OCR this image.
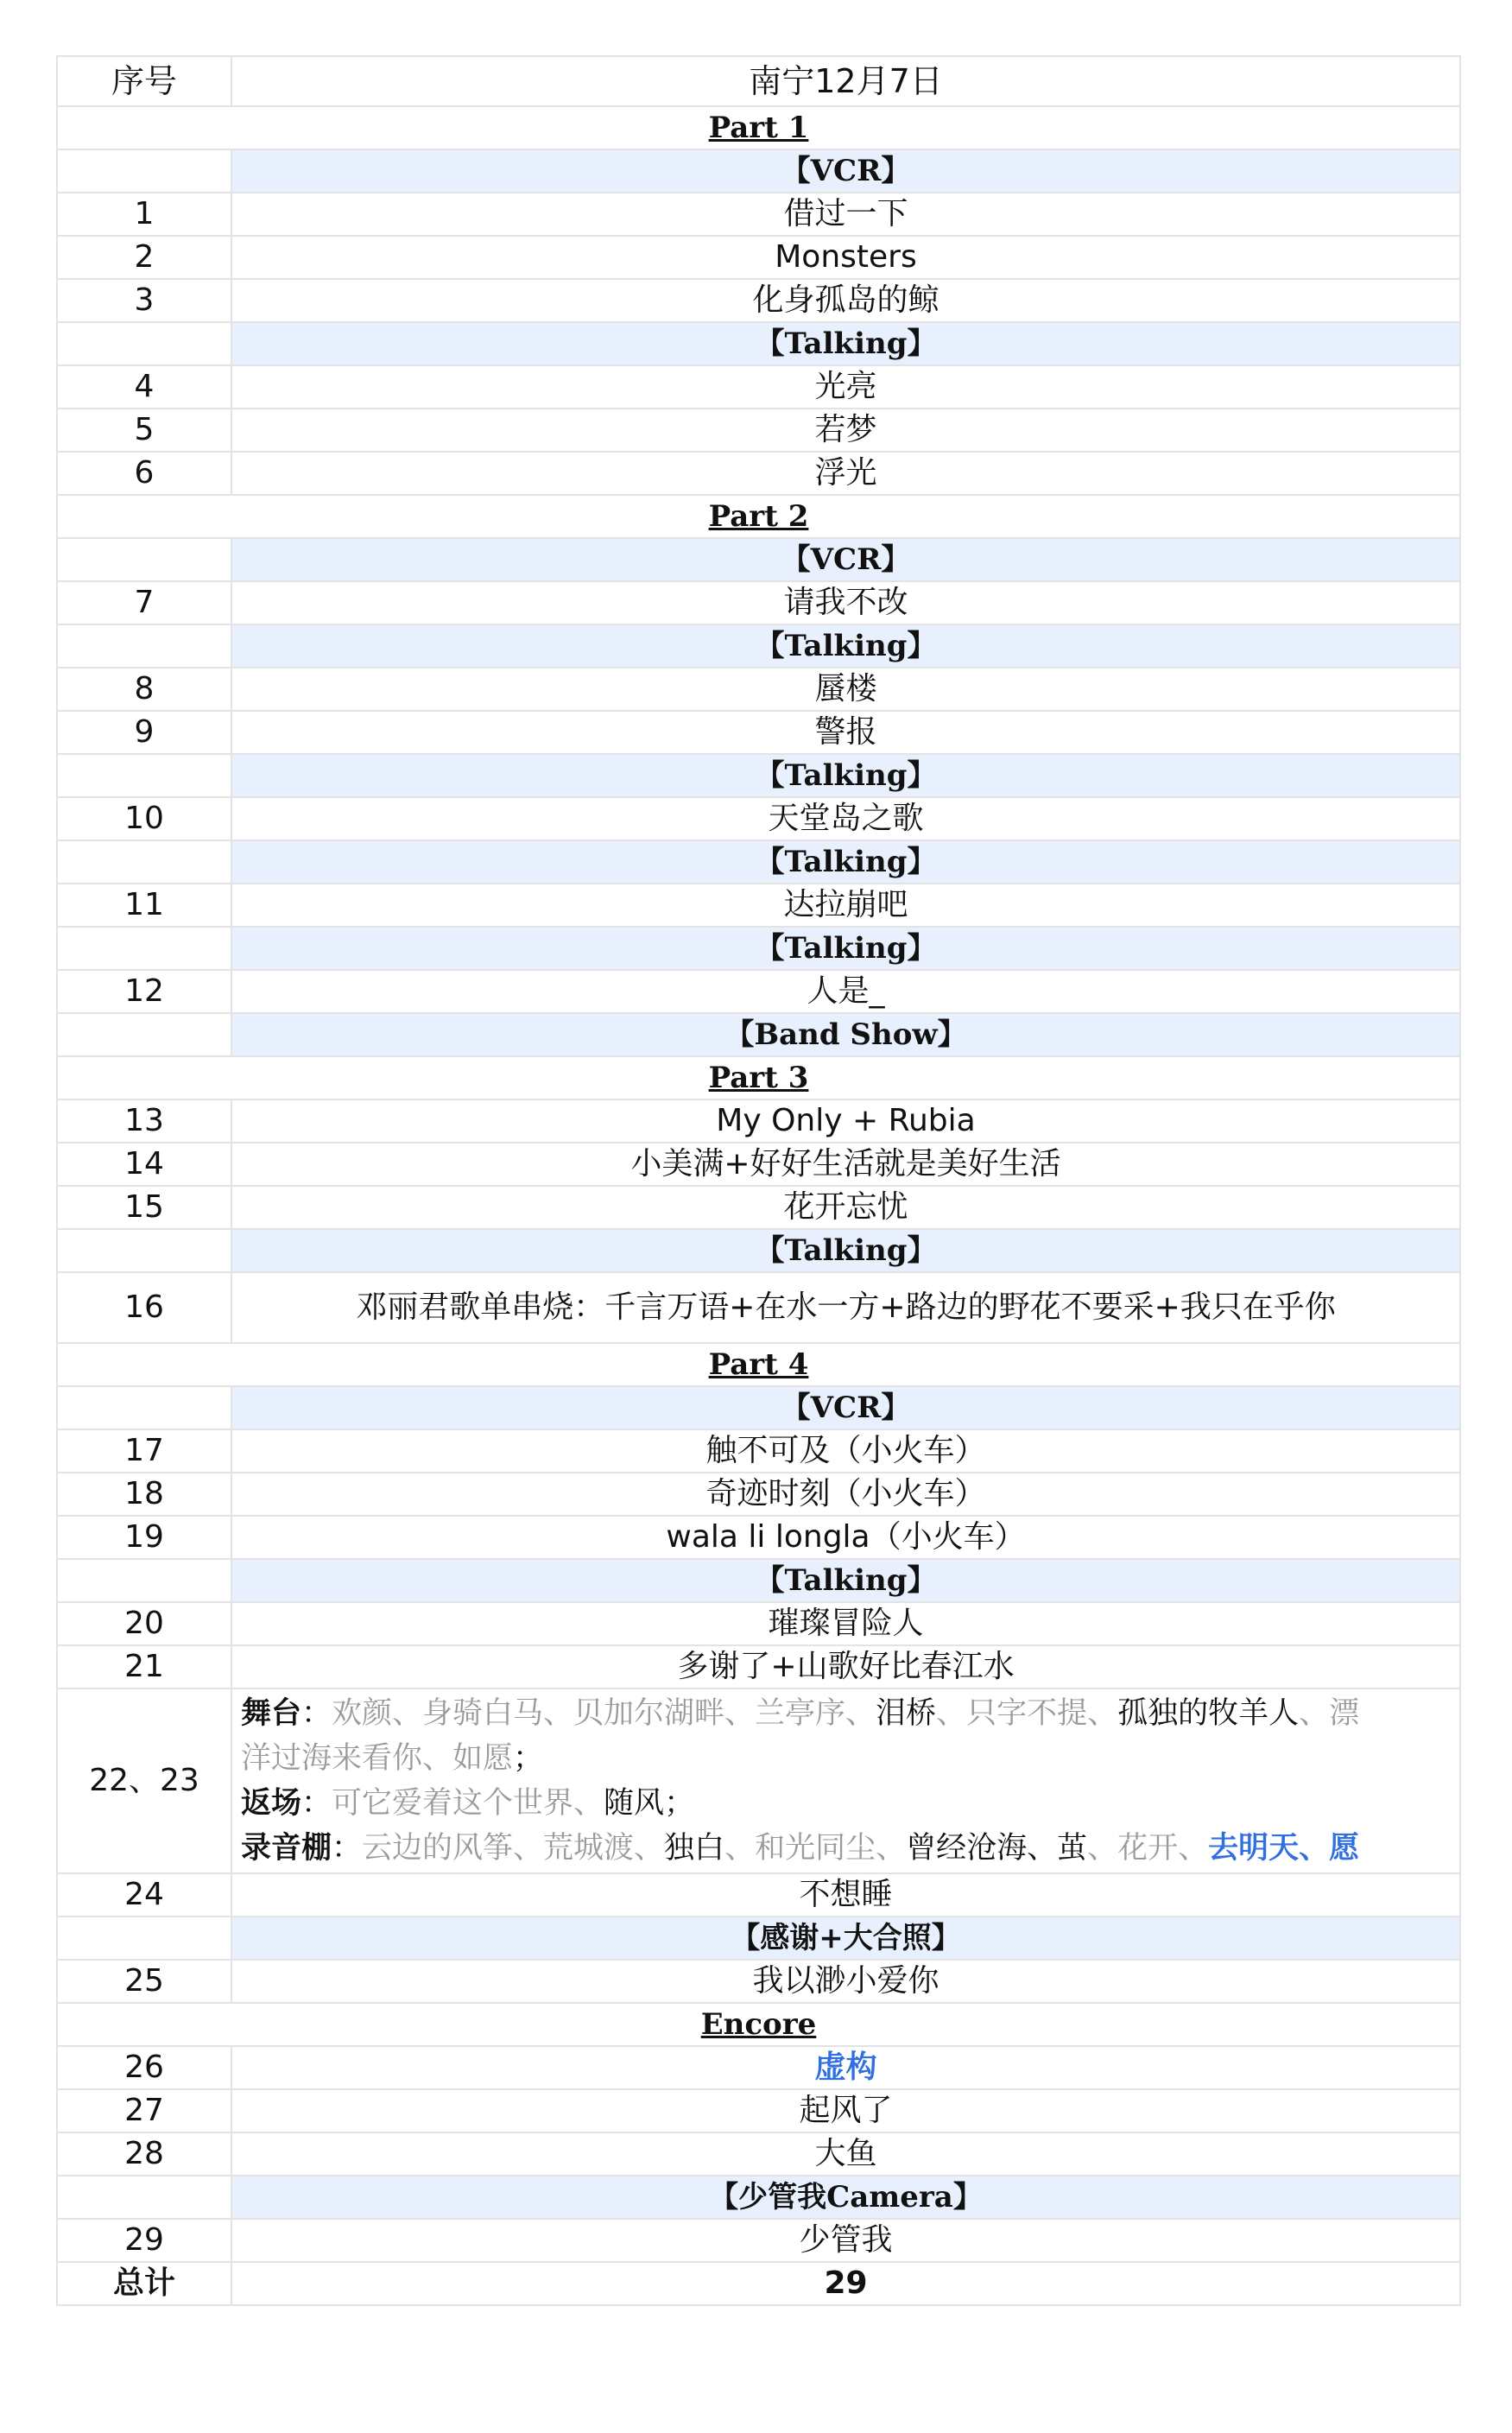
序号	南宁12月7日
Part 1	
	【VCR】
1	借过一下
2	Monsters
3	化身孤岛的鲸
	【Talking】
4	光亮
5	若梦
6	浮光
Part 2	
	【VCR】
7	请我不改
	【Talking】
8	蜃楼
9	警报
	【Talking】
10	天堂岛之歌
	【Talking】
11	达拉崩吧
	【Talking】
12	人是_
	【Band Show】
Part 3	
13	My Only + Rubia
14	小美满+好好生活就是美好生活
15	花开忘忧
	【Talking】
16	邓丽君歌单串烧：千言万语+在水一方+路边的野花不要采+我只在乎你
Part 4	
	【VCR】
17	触不可及（小火车）
18	奇迹时刻（小火车）
19	wala li longla（小火车）
	【Talking】
20	璀璨冒险人
21	多谢了+山歌好比春江水
22、23	舞台：欢颜、身骑白马、贝加尔湖畔、兰亭序、泪桥、只字不提、孤独的牧羊人、漂
洋过海来看你、如愿；
返场：可它爱着这个世界、随风；
录音棚：云边的风筝、荒城渡、独白、和光同尘、曾经沧海、茧、花开、去明天、愿

24	不想睡
	【感谢+大合照】
25	我以渺小爱你
Encore	
26	虚构
27	起风了
28	大鱼
	【少管我Camera】
29	少管我
总计	29
